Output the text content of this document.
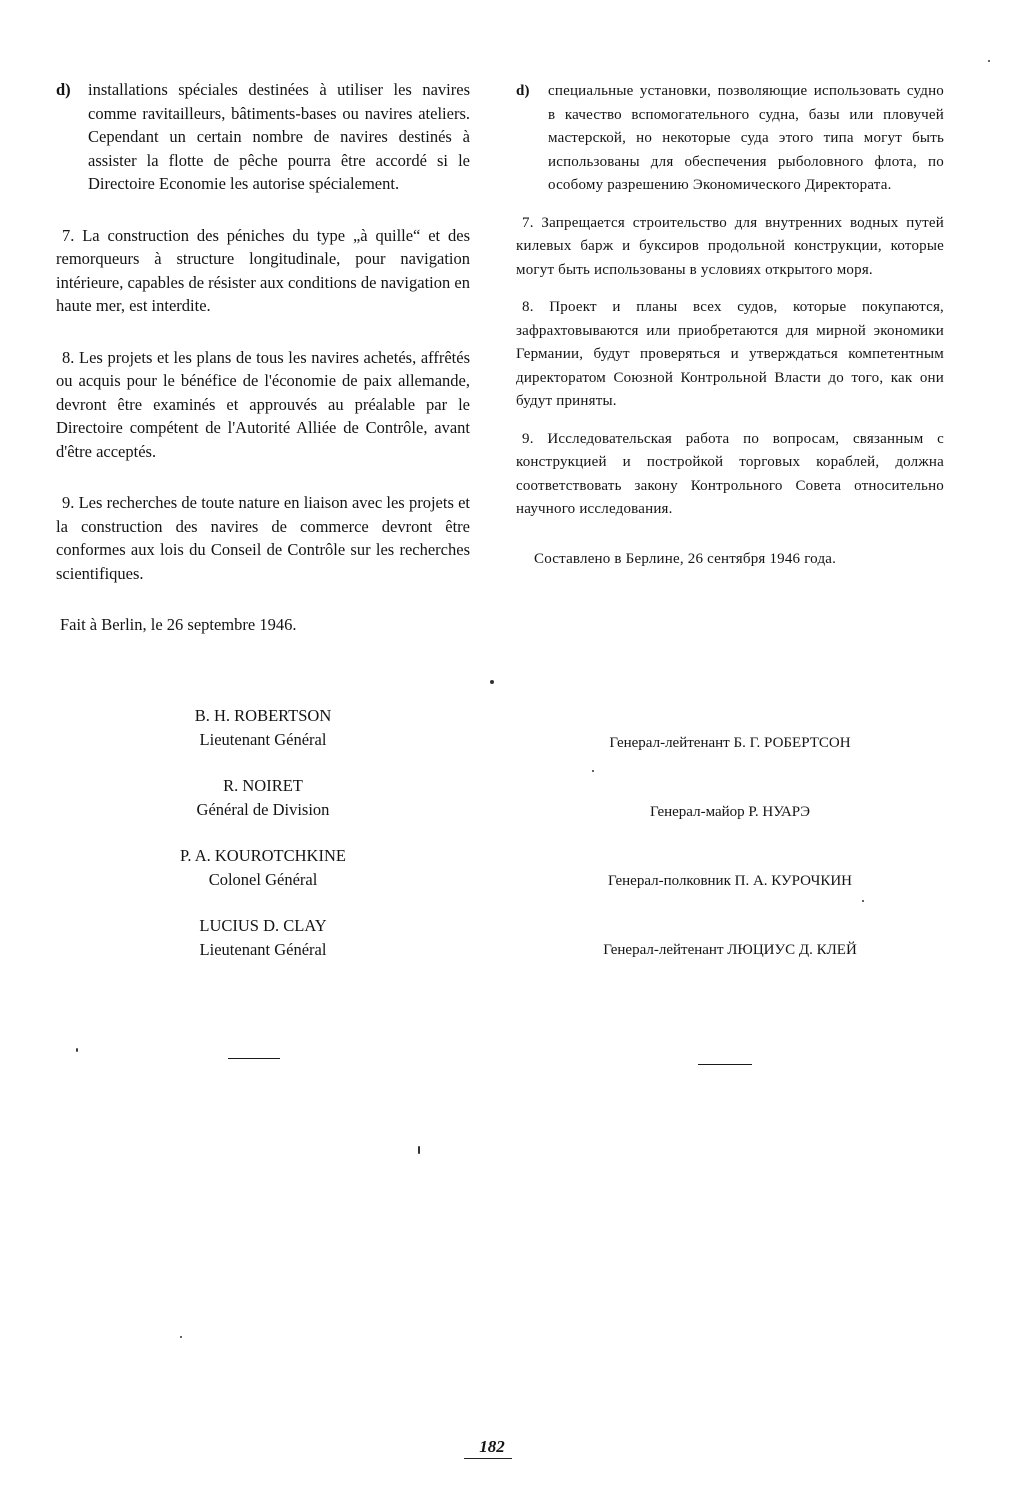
d) installations spéciales destinées à utiliser les navires comme ravitailleurs, bâtiments-bases ou navires ateliers. Cependant un certain nombre de navires destinés à assister la flotte de pêche pourra être accordé si le Directoire Economie les autorise spécialement.

7. La construction des péniches du type „à quille“ et des remorqueurs à structure longitudinale, pour navigation intérieure, capables de résister aux conditions de navigation en haute mer, est interdite.

8. Les projets et les plans de tous les navires achetés, affrêtés ou acquis pour le bénéfice de l'économie de paix allemande, devront être examinés et approuvés au préalable par le Directoire compétent de l'Autorité Alliée de Contrôle, avant d'être acceptés.

9. Les recherches de toute nature en liaison avec les projets et la construction des navires de commerce devront être conformes aux lois du Conseil de Contrôle sur les recherches scientifiques.

Fait à Berlin, le 26 septembre 1946.

B. H. ROBERTSON
Lieutenant Général
R. NOIRET
Général de Division
P. A. KOUROTCHKINE
Colonel Général
LUCIUS D. CLAY
Lieutenant Général

d) специальные установки, позволяющие использовать судно в качество вспомогательного судна, базы или пловучей мастерской, но некоторые суда этого типа могут быть использованы для обеспечения рыболовного флота, по особому разрешению Экономического Директората.

7. Запрещается строительство для внутренних водных путей килевых барж и буксиров продольной конструкции, которые могут быть использованы в условиях открытого моря.

8. Проект и планы всех судов, которые покупаются, зафрахтовываются или приобретаются для мирной экономики Германии, будут проверяться и утверждаться компетентным директоратом Союзной Контрольной Власти до того, как они будут приняты.

9. Исследовательская работа по вопросам, связанным с конструкцией и постройкой торговых кораблей, должна соответствовать закону Контрольного Совета относительно научного исследования.

Составлено в Берлине, 26 сентября 1946 года.

Генерал-лейтенант Б. Г. РОБЕРТСОН
Генерал-майор Р. НУАРЭ
Генерал-полковник П. А. КУРОЧКИН
Генерал-лейтенант ЛЮЦИУС Д. КЛЕЙ
182
